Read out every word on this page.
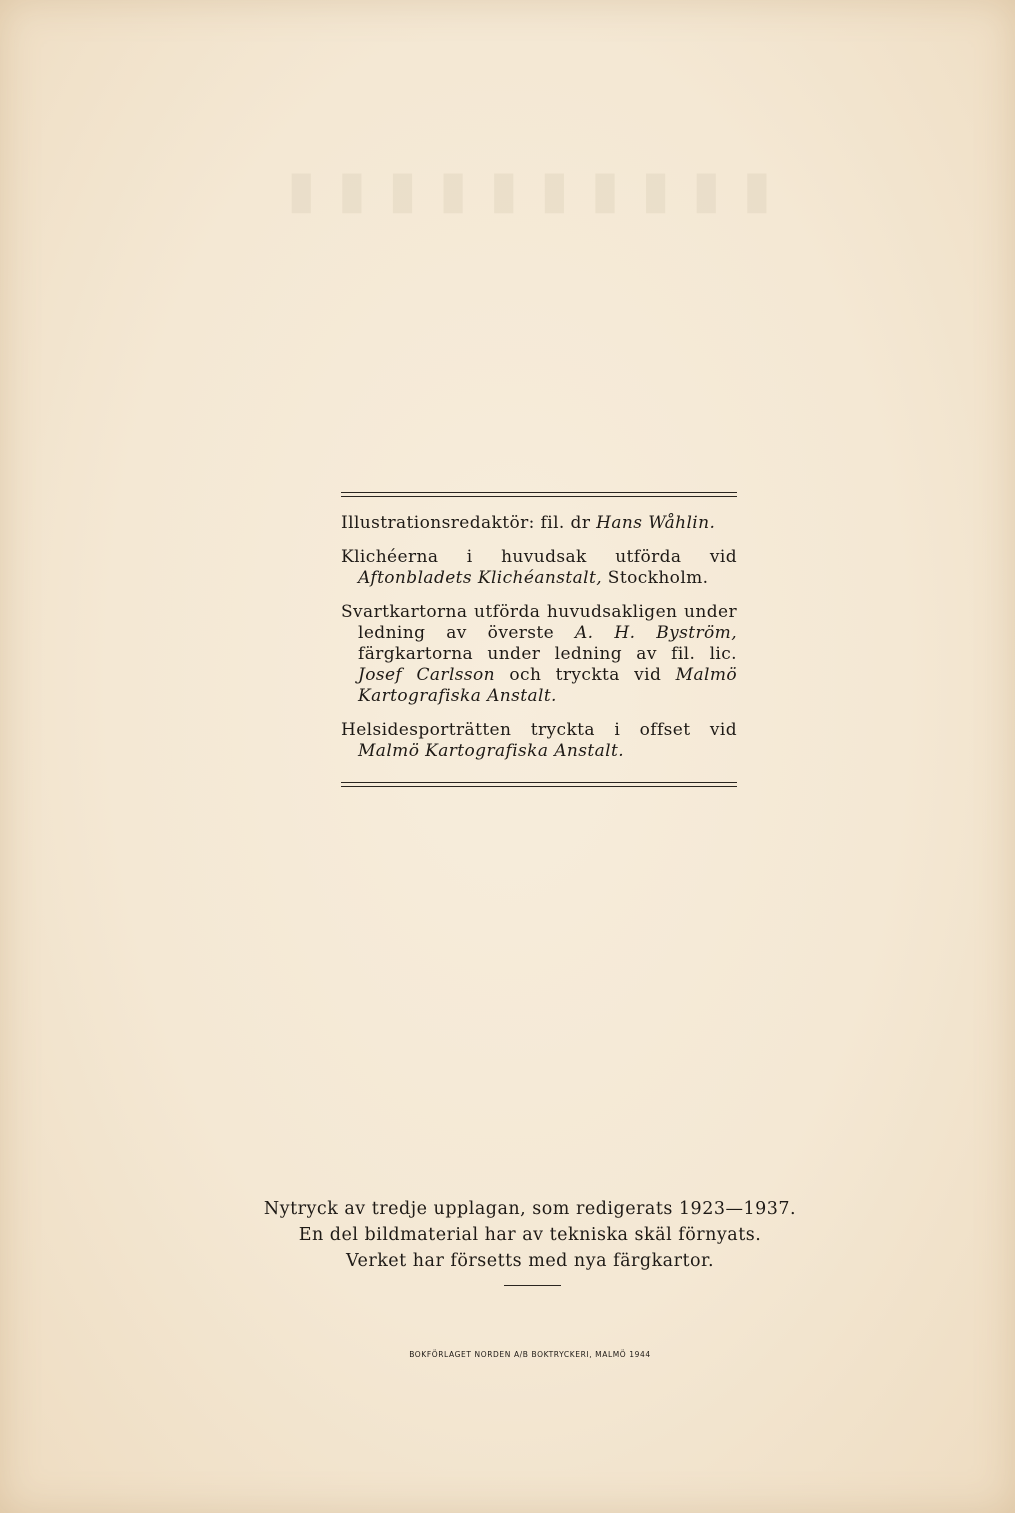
▮▮▮▮▮▮▮▮▮▮

Illustrationsredaktör: fil. dr Hans Wåhlin.

Klichéerna i huvudsak utförda vid Aftonbladets Klichéanstalt, Stockholm.

Svartkartorna utförda huvudsakligen under ledning av överste A. H. Byström, färgkartorna under ledning av fil. lic. Josef Carlsson och tryckta vid Malmö Kartografiska Anstalt.

Helsidesporträtten tryckta i offset vid Malmö Kartografiska Anstalt.

Nytryck av tredje upplagan, som redigerats 1923—1937.
En del bildmaterial har av tekniska skäl förnyats.
Verket har försetts med nya färgkartor.
BOKFÖRLAGET NORDEN A/B BOKTRYCKERI, MALMÖ 1944
